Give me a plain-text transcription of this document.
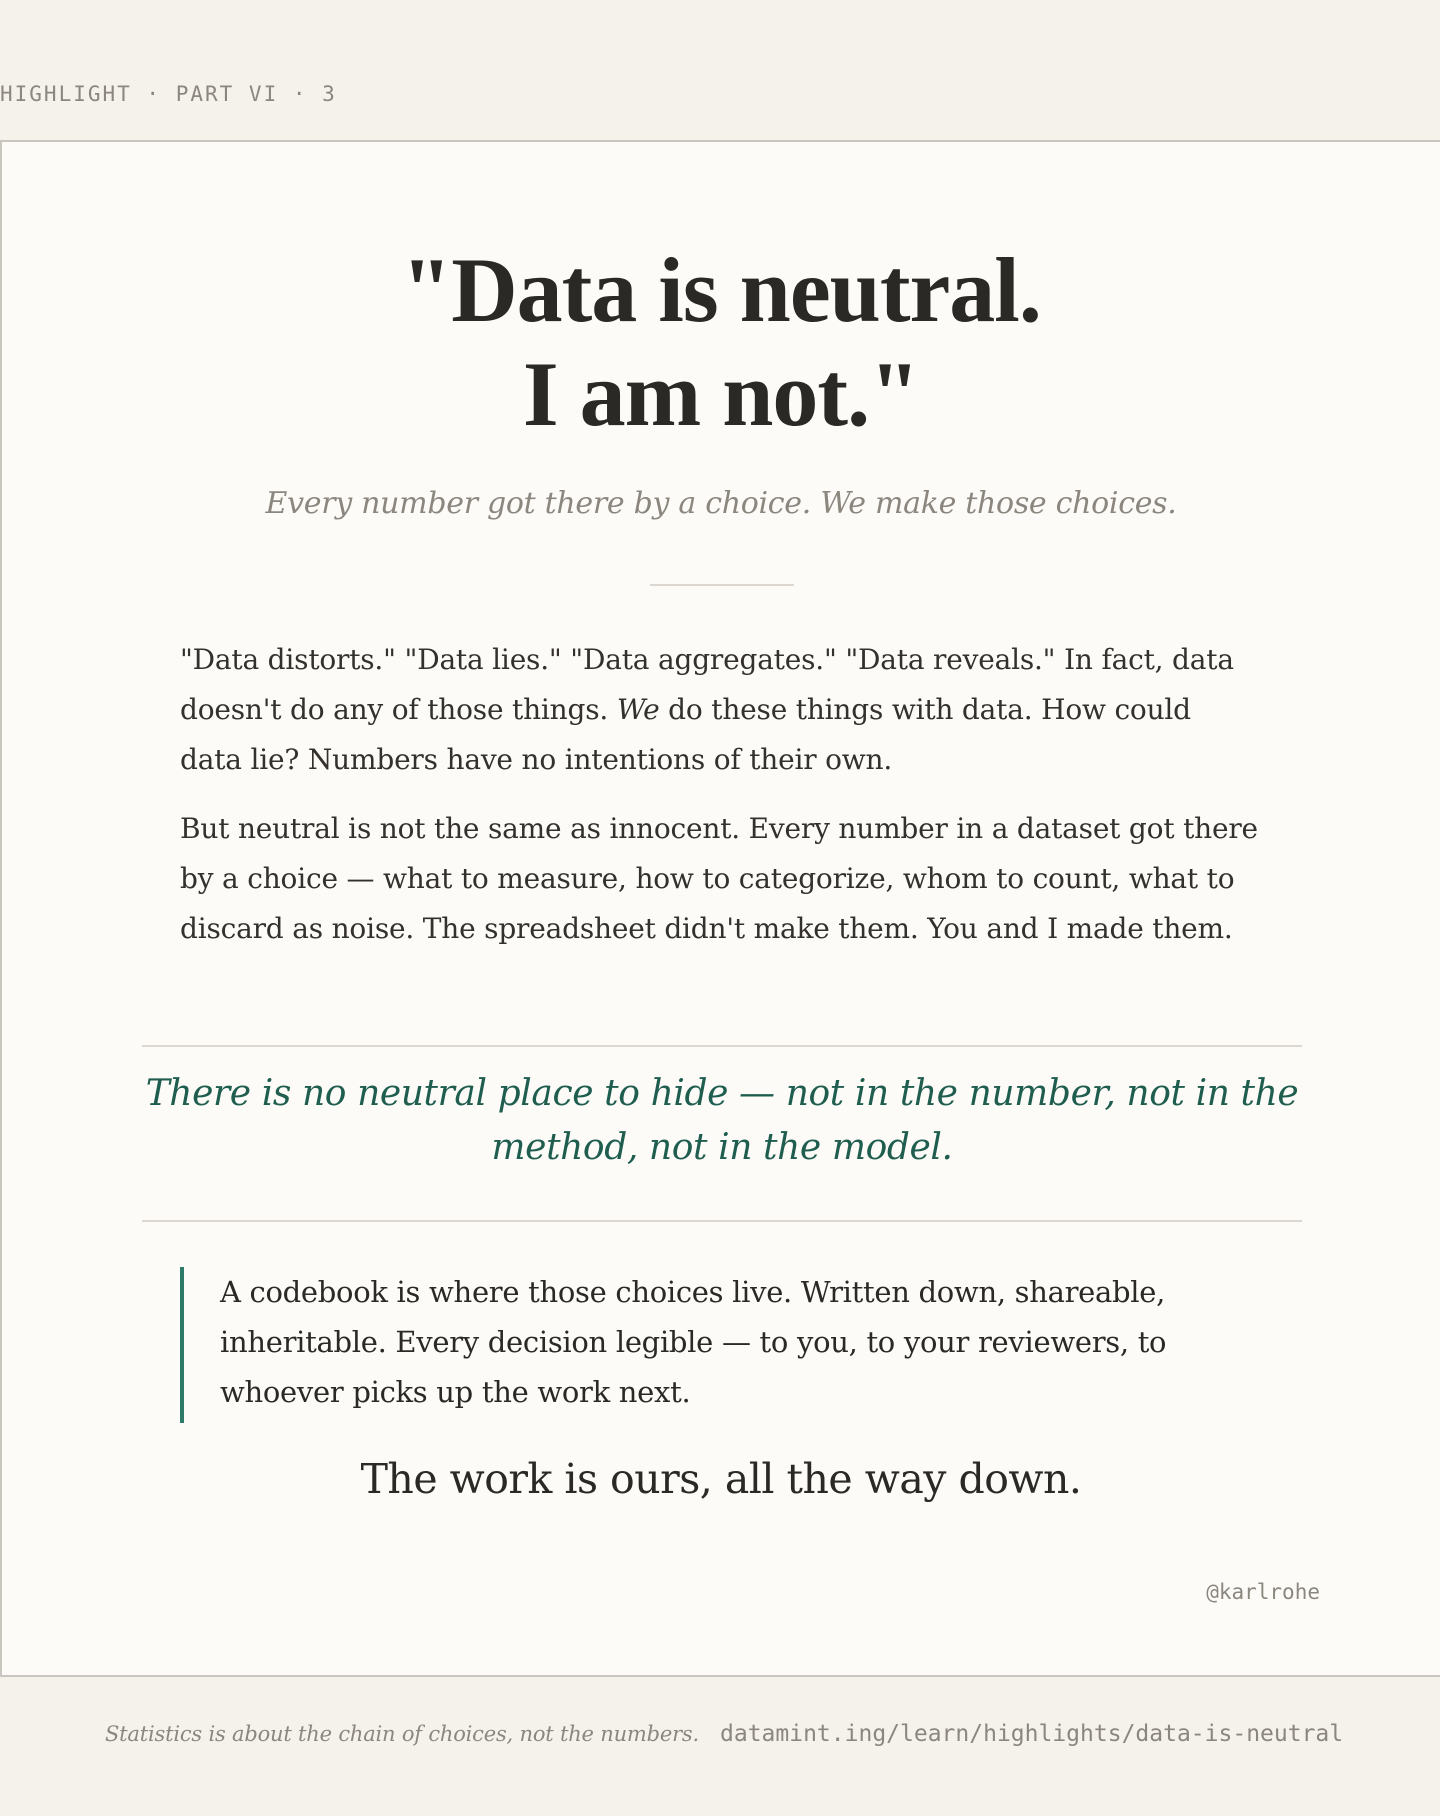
HIGHLIGHT · PART VI · 3
"Data is neutral.
I am not."
Every number got there by a choice. We make those choices.

"Data distorts." "Data lies." "Data aggregates." "Data reveals." In fact, data doesn't do any of those things. We do these things with data. How could data lie? Numbers have no intentions of their own.

But neutral is not the same as innocent. Every number in a dataset got there by a choice — what to measure, how to categorize, whom to count, what to discard as noise. The spreadsheet didn't make them. You and I made them.

There is no neutral place to hide — not in the number, not in the method, not in the model.
A codebook is where those choices live. Written down, shareable, inheritable. Every decision legible — to you, to your reviewers, to whoever picks up the work next.
The work is ours, all the way down.
@karlrohe
Statistics is about the chain of choices, not the numbers. datamint.ing/learn/highlights/data-is-neutral
